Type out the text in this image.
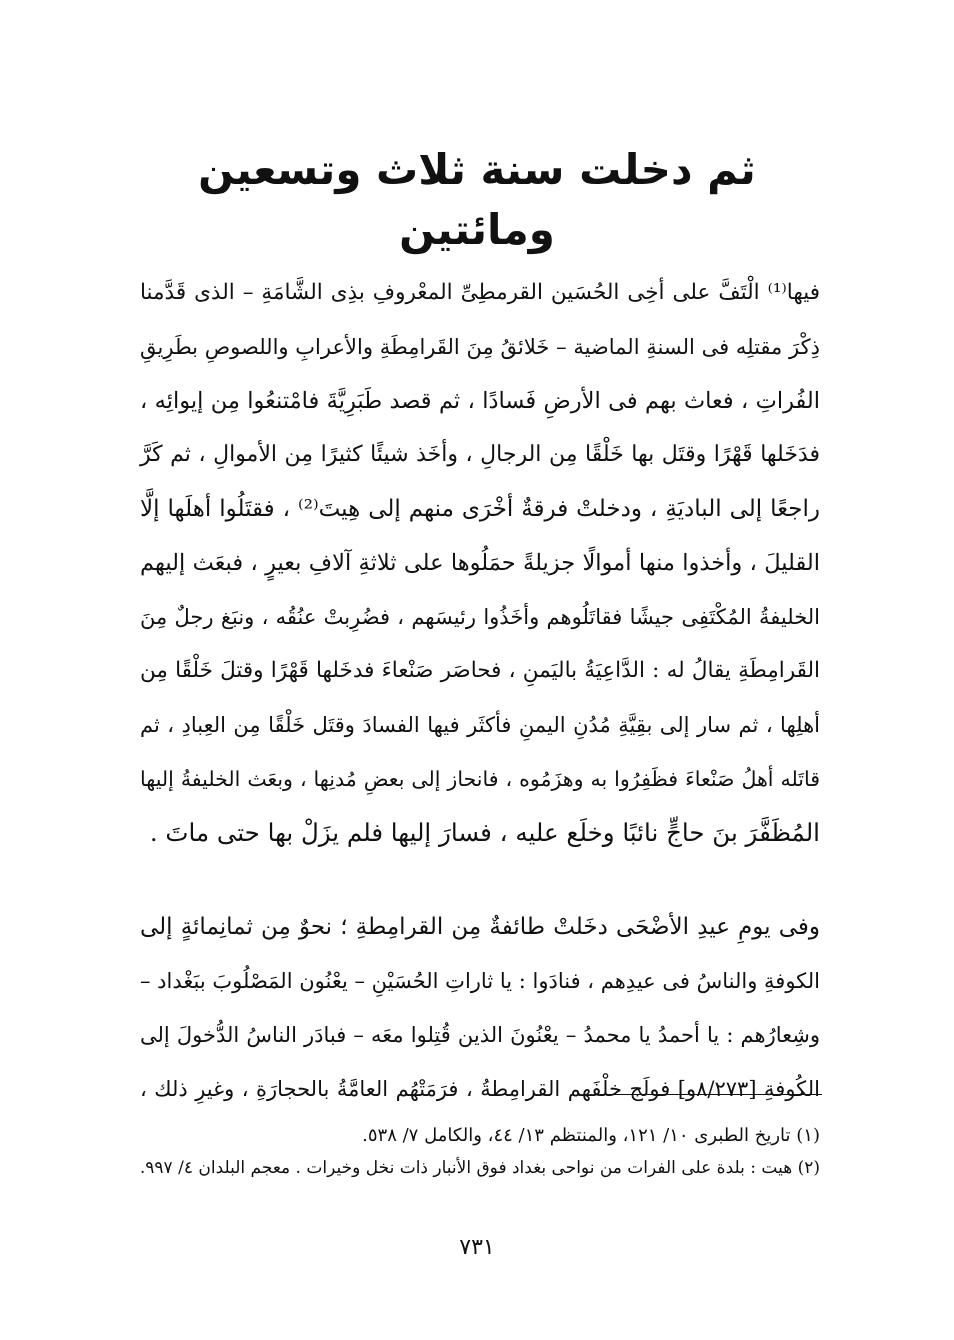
ثم دخلت سنة ثلاث وتسعين ومائتين

فيها⁽¹⁾ الْتَفَّ على أخِى الحُسَين القرمطِىِّ المعْروفِ بذِى الشَّامَةِ – الذى قَدَّمنا
ذِكْرَ مقتلِه فى السنةِ الماضية – خَلائقُ مِنَ القَرامِطَةِ والأعرابِ واللصوصِ بطَرِيقِ
الفُراتِ ، فعاث بهم فى الأرضِ فَسادًا ، ثم قصد طَبَرِيَّةَ فامْتنعُوا مِن إيوائِه ،
فدَخَلها قَهْرًا وقتَل بها خَلْقًا مِن الرجالِ ، وأخَذ شيئًا كثيرًا مِن الأموالِ ، ثم كَرَّ
راجعًا إلى الباديَةِ ، ودخلتْ فرقةٌ أخْرَى منهم إلى هِيتَ⁽²⁾ ، فقتَلُوا أهلَها إلَّا
القليلَ ، وأخذوا منها أموالًا جزيلةً حمَلُوها على ثلاثةِ آلافِ بعيرٍ ، فبعَث إليهم
الخليفةُ المُكْتَفِى جيشًا فقاتَلُوهم وأخَذُوا رئيسَهم ، فضُرِبتْ عنُقُه ، ونبَغ رجلٌ مِنَ
القَرامِطَةِ يقالُ له : الدَّاعِيَةُ باليَمنِ ، فحاصَر صَنْعاءَ فدخَلها قَهْرًا وقتلَ خَلْقًا مِن
أهلِها ، ثم سار إلى بقِيَّةِ مُدُنِ اليمنِ فأكثَر فيها الفسادَ وقتَل خَلْقًا مِن العِبادِ ، ثم
قاتَله أهلُ صَنْعاءَ فظَفِرُوا به وهزَمُوه ، فانحاز إلى بعضِ مُدنِها ، وبعَث الخليفةُ إليها
المُظَفَّرَ بنَ حاجٍّ نائبًا وخلَع عليه ، فسارَ إليها فلم يزَلْ بها حتى ماتَ .

وفى يومِ عيدِ الأضْحَى دخَلتْ طائفةٌ مِن القرامِطةِ ؛ نحوٌ مِن ثمانِمائةٍ إلى
الكوفةِ والناسُ فى عيدِهم ، فنادَوا : يا ثاراتِ الحُسَيْنِ – يعْنُون المَصْلُوبَ ببَغْداد –
وشِعارُهم : يا أحمدُ يا محمدُ – يعْنُونَ الذين قُتِلوا معَه – فبادَر الناسُ الدُّخولَ إلى
الكُوفةِ [٨/٢٧٣و] فولَج خلْفَهم القرامِطةُ ، فرَمَتْهُم العامَّةُ بالحجارَةِ ، وغيرِ ذلك ،

(١) تاريخ الطبرى ١٠/ ١٢١، والمنتظم ١٣/ ٤٤، والكامل ٧/ ٥٣٨.
(٢) هيت : بلدة على الفرات من نواحى بغداد فوق الأنبار ذات نخل وخيرات . معجم البلدان ٤/ ٩٩٧.
٧٣١
